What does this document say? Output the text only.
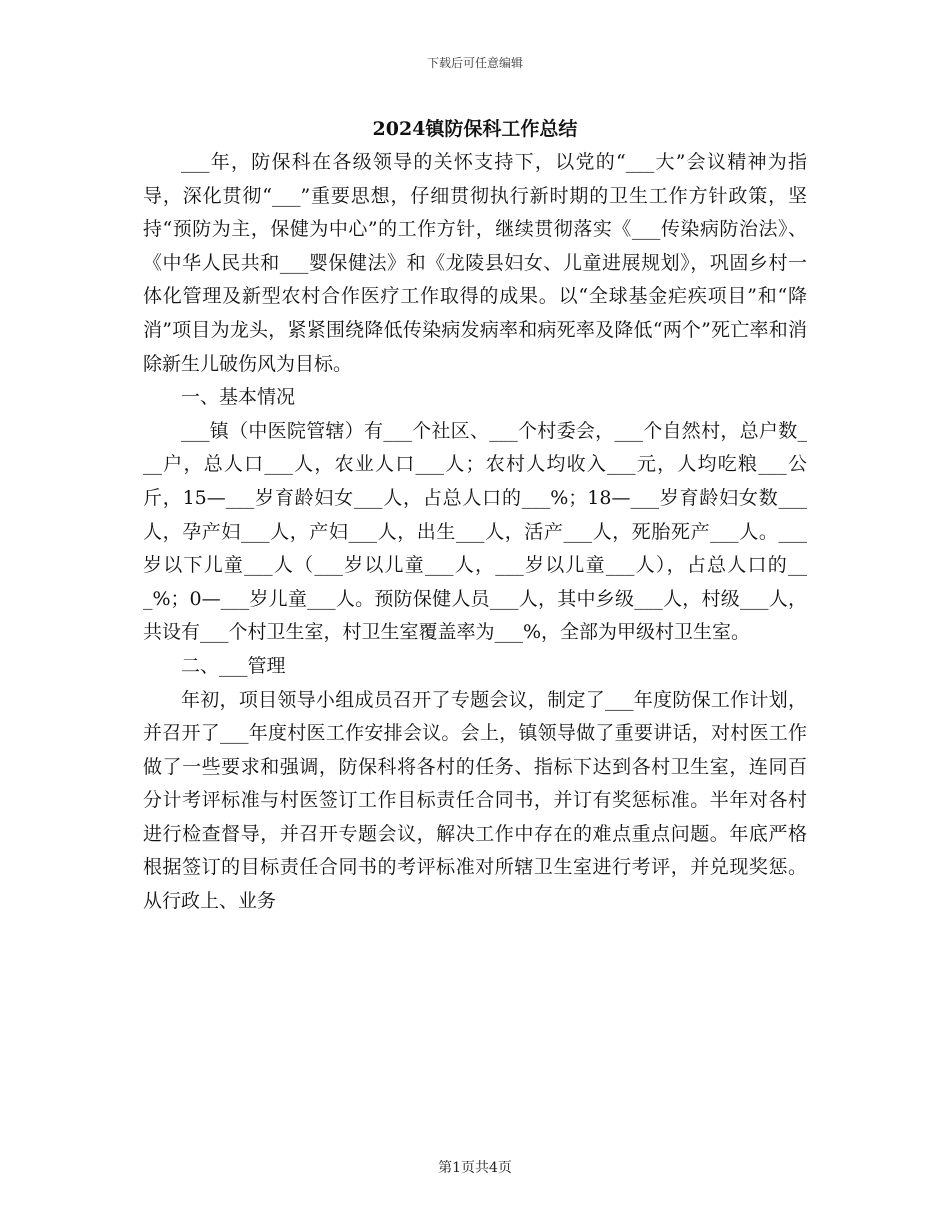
下载后可任意编辑
2024镇防保科工作总结

___年，防保科在各级领导的关怀支持下，以党的“___大”会议精神为指导，深化贯彻“___”重要思想，仔细贯彻执行新时期的卫生工作方针政策，坚持“预防为主，保健为中心”的工作方针，继续贯彻落实《___传染病防治法》、《中华人民共和___婴保健法》和《龙陵县妇女、儿童进展规划》，巩固乡村一体化管理及新型农村合作医疗工作取得的成果。以“全球基金疟疾项目”和“降消”项目为龙头，紧紧围绕降低传染病发病率和病死率及降低“两个”死亡率和消除新生儿破伤风为目标。

一、基本情况

___镇（中医院管辖）有___个社区、___个村委会，___个自然村，总户数___户，总人口___人，农业人口___人；农村人均收入___元，人均吃粮___公斤，15—___岁育龄妇女___人，占总人口的___%；18—___岁育龄妇女数___人，孕产妇___人，产妇___人，出生___人，活产___人，死胎死产___人。___岁以下儿童___人（___岁以儿童___人，___岁以儿童___人），占总人口的___%；0—___岁儿童___人。预防保健人员___人，其中乡级___人，村级___人，共设有___个村卫生室，村卫生室覆盖率为___%，全部为甲级村卫生室。

二、___管理

年初，项目领导小组成员召开了专题会议，制定了___年度防保工作计划，并召开了___年度村医工作安排会议。会上，镇领导做了重要讲话，对村医工作做了一些要求和强调，防保科将各村的任务、指标下达到各村卫生室，连同百分计考评标准与村医签订工作目标责任合同书，并订有奖惩标准。半年对各村进行检查督导，并召开专题会议，解决工作中存在的难点重点问题。年底严格根据签订的目标责任合同书的考评标准对所辖卫生室进行考评，并兑现奖惩。从行政上、业务

第1页共4页
